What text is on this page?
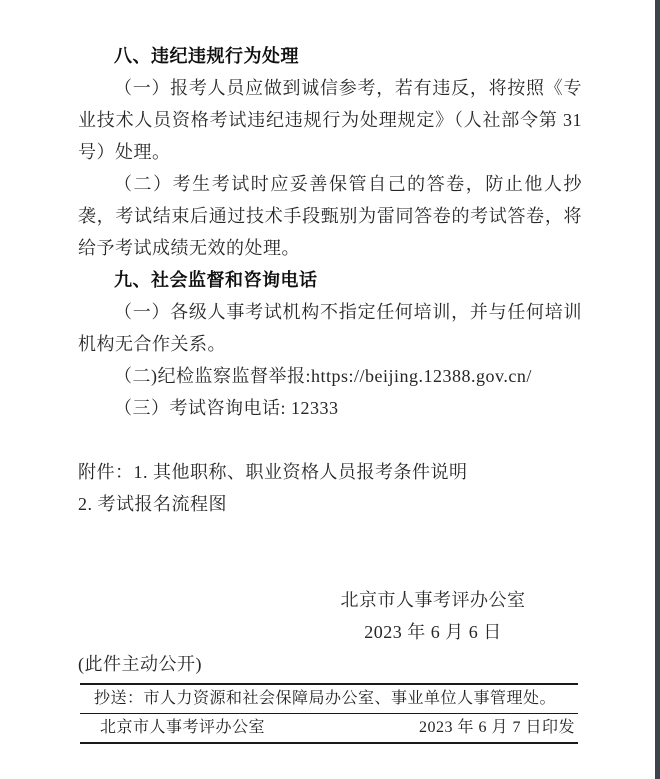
八、违纪违规行为处理

（一）报考人员应做到诚信参考，若有违反，将按照《专业技术人员资格考试违纪违规行为处理规定》（人社部令第 31 号）处理。

（二）考生考试时应妥善保管自己的答卷，防止他人抄袭，考试结束后通过技术手段甄别为雷同答卷的考试答卷，将给予考试成绩无效的处理。

九、社会监督和咨询电话

（一）各级人事考试机构不指定任何培训，并与任何培训机构无合作关系。

（二)纪检监察监督举报:https://beijing.12388.gov.cn/

（三）考试咨询电话: 12333

附件：1. 其他职称、职业资格人员报考条件说明

2. 考试报名流程图

北京市人事考评办公室

2023 年 6 月 6 日

(此件主动公开)

抄送：市人力资源和社会保障局办公室、事业单位人事管理处。
北京市人事考评办公室	2023 年 6 月 7 日印发
